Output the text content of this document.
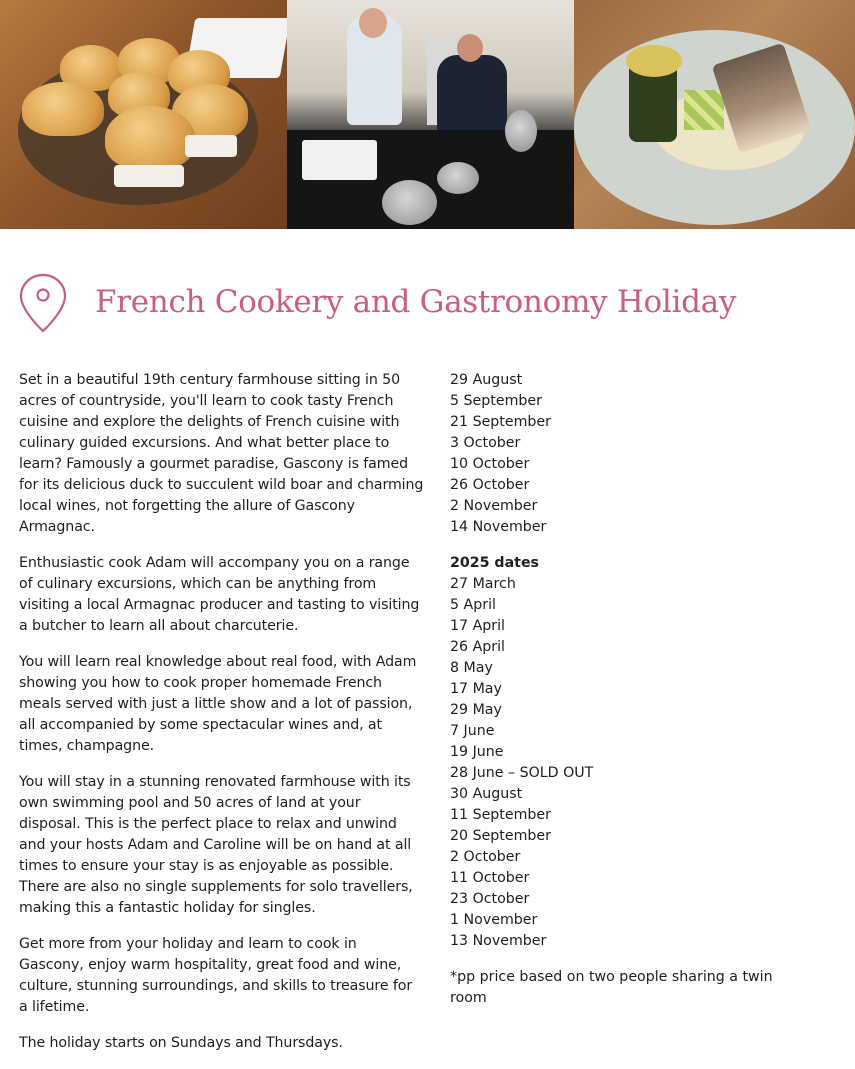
French Cookery and Gastronomy Holiday

Set in a beautiful 19th century farmhouse sitting in 50 acres of countryside, you'll learn to cook tasty French cuisine and explore the delights of French cuisine with culinary guided excursions. And what better place to learn? Famously a gourmet paradise, Gascony is famed for its delicious duck to succulent wild boar and charming local wines, not forgetting the allure of Gascony Armagnac.

Enthusiastic cook Adam will accompany you on a range of culinary excursions, which can be anything from visiting a local Armagnac producer and tasting to visiting a butcher to learn all about charcuterie.

You will learn real knowledge about real food, with Adam showing you how to cook proper homemade French meals served with just a little show and a lot of passion, all accompanied by some spectacular wines and, at times, champagne.

You will stay in a stunning renovated farmhouse with its own swimming pool and 50 acres of land at your disposal. This is the perfect place to relax and unwind and your hosts Adam and Caroline will be on hand at all times to ensure your stay is as enjoyable as possible. There are also no single supplements for solo travellers, making this a fantastic holiday for singles.

Get more from your holiday and learn to cook in Gascony, enjoy warm hospitality, great food and wine, culture, stunning surroundings, and skills to treasure for a lifetime.

The holiday starts on Sundays and Thursdays.

29 August
5 September
21 September
3 October
10 October
26 October
2 November
14 November
2025 dates
27 March
5 April
17 April
26 April
8 May
17 May
29 May
7 June
19 June
28 June – SOLD OUT
30 August
11 September
20 September
2 October
11 October
23 October
1 November
13 November
*pp price based on two people sharing a twin room
